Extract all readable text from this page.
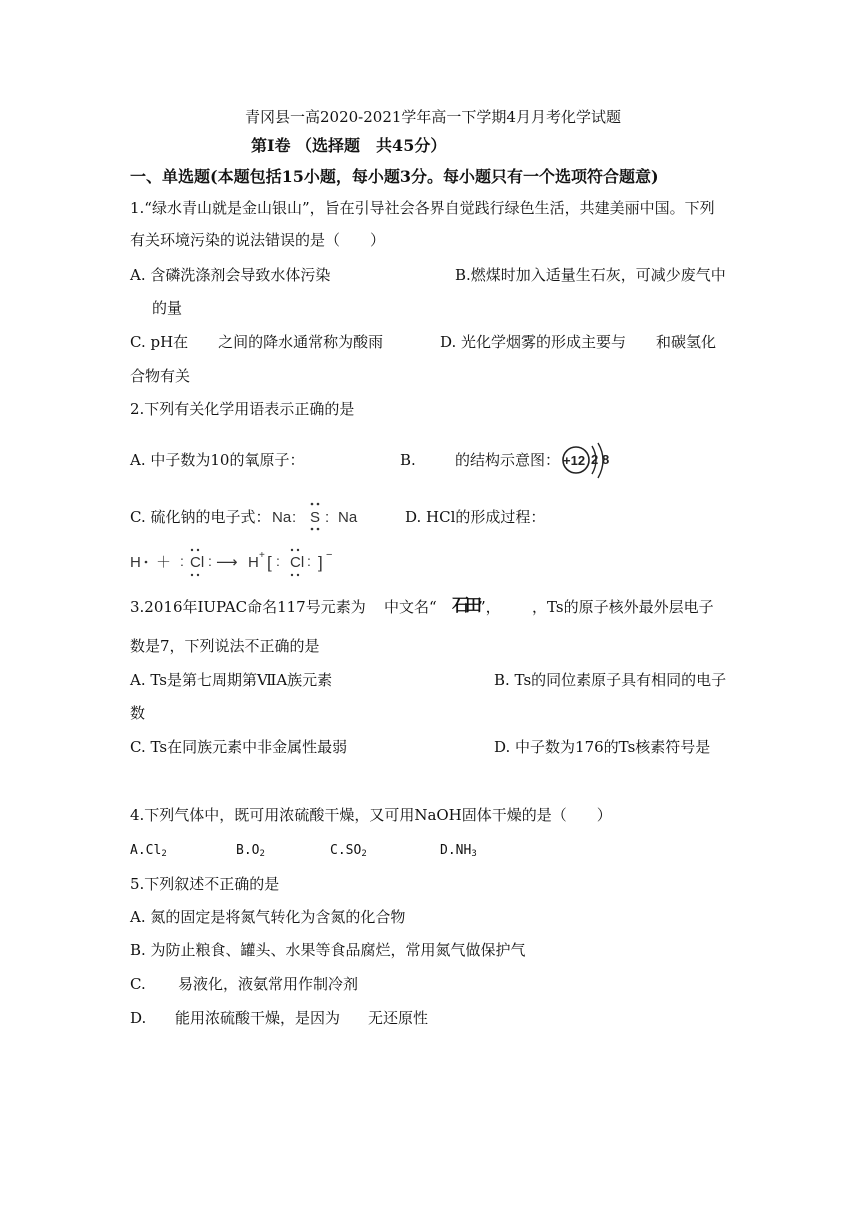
青冈县一高2020-2021学年高一下学期4月月考化学试题
第Ⅰ卷 （选择题　共45分）
一、单选题(本题包括15小题，每小题3分。每小题只有一个选项符合题意)
1.“绿水青山就是金山银山”，旨在引导社会各界自觉践行绿色生活，共建美丽中国。下列
有关环境污染的说法错误的是（　　）
A. 含磷洗涤剂会导致水体污染	B.燃煤时加入适量生石灰，可减少废气中
的量
C. pH在　　之间的降水通常称为酸雨	D. 光化学烟雾的形成主要与　　和碳氢化
合物有关
2.下列有关化学用语表示正确的是
A. 中子数为10的氧原子：	B.	的结构示意图： +12 2 8
C. 硫化钠的电子式： Na : S : Na	D. HCl的形成过程：
H ＋ Cl
: : ⟶ H + [ : Cl : ] −
3.2016年IUPAC命名117号元素为 中文名“ 石田 ”， ，Ts的原子核外最外层电子
数是7，下列说法不正确的是
A. Ts是第七周期第ⅦA族元素	B. Ts的同位素原子具有相同的电子
数
C. Ts在同族元素中非金属性最弱	D. 中子数为176的Ts核素符号是
4.下列气体中，既可用浓硫酸干燥，又可用NaOH固体干燥的是（　　）
$A.Cl_2$	$B.O_2$	$C.SO_2$	$D.NH_3$
5.下列叙述不正确的是
A. 氮的固定是将氮气转化为含氮的化合物
B. 为防止粮食、罐头、水果等食品腐烂，常用氮气做保护气
C. 易液化，液氨常用作制冷剂
D. 能用浓硫酸干燥，是因为 无还原性
